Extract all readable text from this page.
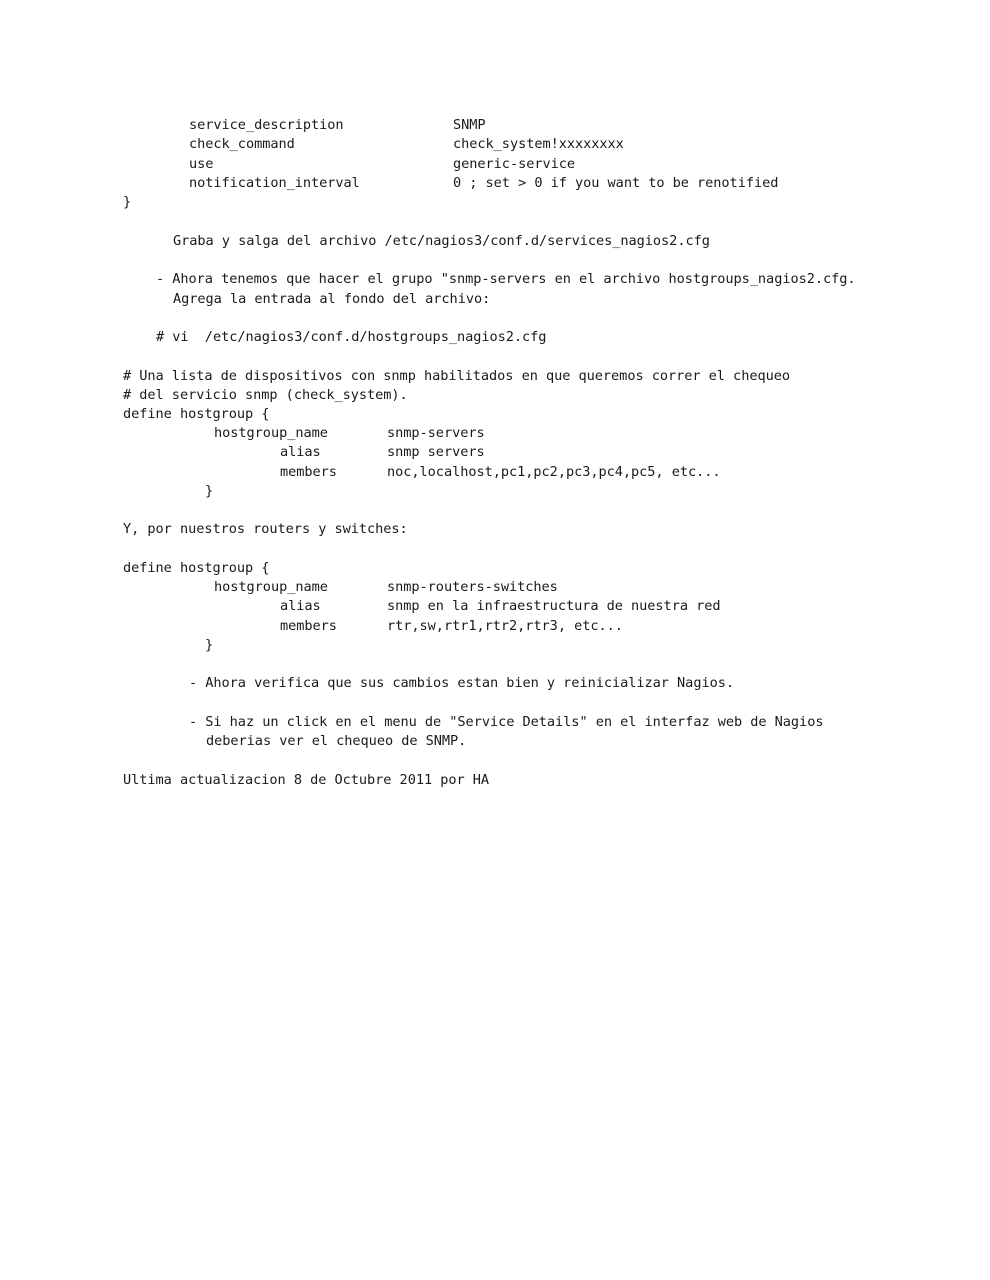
service_description	SNMP
check_command	check_system!xxxxxxxx
use	generic-service
notification_interval	0 ; set > 0 if you want to be renotified
}
Graba y salga del archivo /etc/nagios3/conf.d/services_nagios2.cfg
- Ahora tenemos que hacer el grupo "snmp-servers en el archivo hostgroups_nagios2.cfg.
Agrega la entrada al fondo del archivo:
# vi  /etc/nagios3/conf.d/hostgroups_nagios2.cfg
# Una lista de dispositivos con snmp habilitados en que queremos correr el chequeo
# del servicio snmp (check_system).
define hostgroup {
hostgroup_name	snmp-servers
alias	snmp servers
members	noc,localhost,pc1,pc2,pc3,pc4,pc5, etc...
}
Y, por nuestros routers y switches:
define hostgroup {
hostgroup_name	snmp-routers-switches
alias	snmp en la infraestructura de nuestra red
members	rtr,sw,rtr1,rtr2,rtr3, etc...
}
- Ahora verifica que sus cambios estan bien y reinicializar Nagios.
- Si haz un click en el menu de "Service Details" en el interfaz web de Nagios
deberias ver el chequeo de SNMP.
Ultima actualizacion 8 de Octubre 2011 por HA
